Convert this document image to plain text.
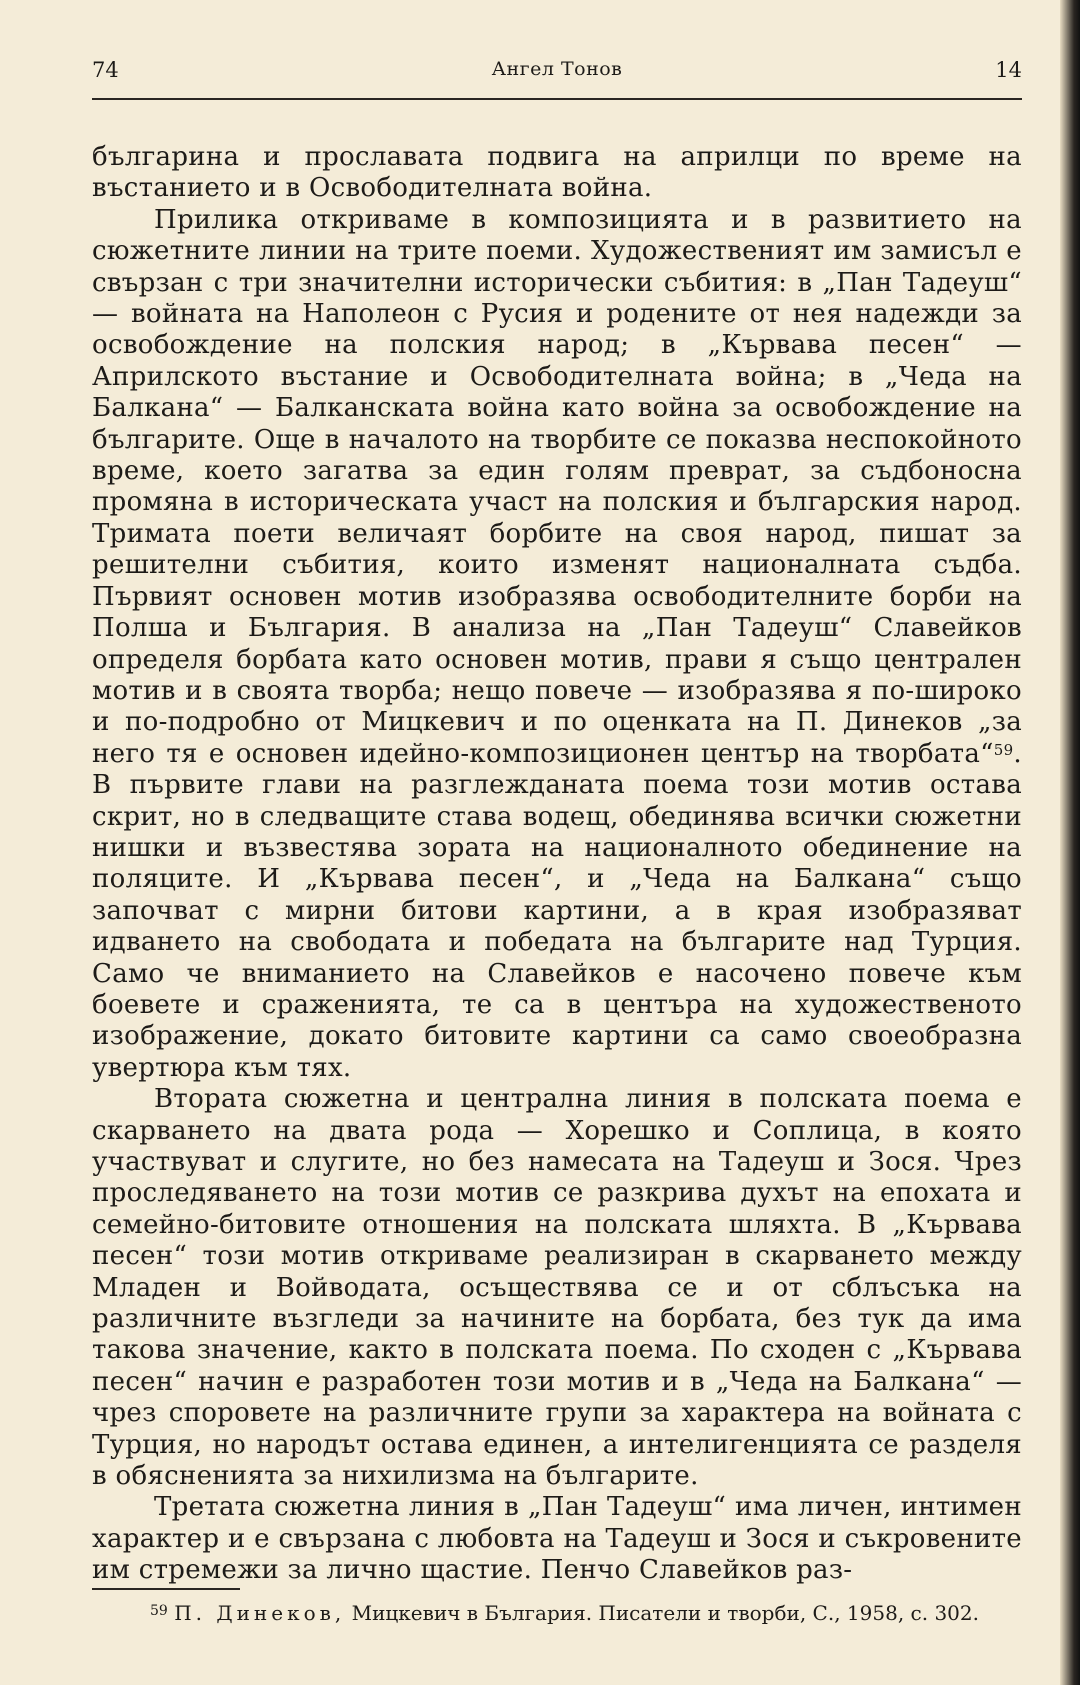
74	Ангел Тонов	14

българина и прославата подвига на априлци по време на въстанието и в Освободителната война.

Прилика откриваме в композицията и в развитието на сюжетните линии на трите поеми. Художественият им замисъл е свързан с три значителни исторически събития: в „Пан Тадеуш“ — войната на Наполеон с Русия и родените от нея надежди за освобождение на полския народ; в „Кървава песен“ — Априлското въстание и Освободителната война; в „Чеда на Балкана“ — Балканската война като война за освобождение на българите. Още в началото на творбите се показва неспокойното време, което загатва за един голям преврат, за съдбоносна промяна в историческата участ на полския и българския народ. Тримата поети величаят борбите на своя народ, пишат за решителни събития, които изменят националната съдба. Първият основен мотив изобразява освободителните борби на Полша и България. В анализа на „Пан Тадеуш“ Славейков определя борбата като основен мотив, прави я също централен мотив и в своята творба; нещо повече — изобразява я по-широко и по-подробно от Мицкевич и по оценката на П. Динеков „за него тя е основен идейно-композиционен център на творбата“$^{59}$. В първите глави на разглежданата поема този мотив остава скрит, но в следващите става водещ, обединява всички сюжетни нишки и възвестява зората на националното обединение на поляците. И „Кървава песен“, и „Чеда на Балкана“ също започват с мирни битови картини, а в края изобразяват идването на свободата и победата на българите над Турция. Само че вниманието на Славейков е насочено повече към боевете и сраженията, те са в центъра на художественото изображение, докато битовите картини са само своеобразна увертюра към тях.

Втората сюжетна и централна линия в полската поема е скарването на двата рода — Хорешко и Соплица, в която участвуват и слугите, но без намесата на Тадеуш и Зося. Чрез проследяването на този мотив се разкрива духът на епохата и семейно-битовите отношения на полската шляхта. В „Кървава песен“ този мотив откриваме реализиран в скарването между Младен и Войводата, осъществява се и от сблъсъка на различните възгледи за начините на борбата, без тук да има такова значение, както в полската поема. По сходен с „Кървава песен“ начин е разработен този мотив и в „Чеда на Балкана“ — чрез споровете на различните групи за характера на войната с Турция, но народът остава единен, а интелигенцията се разделя в обясненията за нихилизма на българите.

Третата сюжетна линия в „Пан Тадеуш“ има личен, интимен характер и е свързана с любовта на Тадеуш и Зося и съкровените им стремежи за лично щастие. Пенчо Славейков раз-

$^{59}$ П. Динеков, Мицкевич в България. Писатели и творби, С., 1958, с. 302.
